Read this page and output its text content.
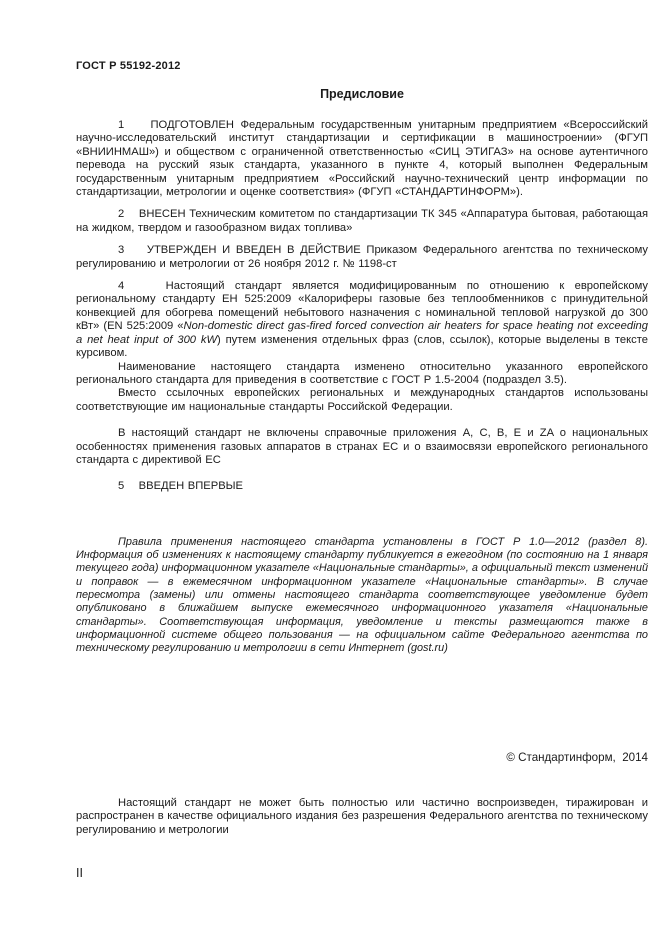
ГОСТ Р 55192-2012
Предисловие

1    ПОДГОТОВЛЕН Федеральным государственным унитарным предприятием «Всероссийский научно-исследовательский институт стандартизации и сертификации в машиностроении» (ФГУП «ВНИИНМАШ») и обществом с ограниченной ответственностью «СИЦ ЭТИГАЗ» на основе аутентичного перевода на русский язык стандарта, указанного в пункте 4, который выполнен Федеральным государственным унитарным предприятием «Российский научно-технический центр информации по стандартизации, метрологии и оценке соответствия» (ФГУП «СТАНДАРТИНФОРМ»).

2    ВНЕСЕН Техническим комитетом по стандартизации ТК 345 «Аппаратура бытовая, работающая на жидком, твердом и газообразном видах топлива»

3    УТВЕРЖДЕН И ВВЕДЕН В ДЕЙСТВИЕ Приказом Федерального агентства по техническому регулированию и метрологии от 26 ноября 2012 г. № 1198-ст

4    Настоящий стандарт является модифицированным по отношению к европейскому региональному стандарту ЕН 525:2009 «Калориферы газовые без теплообменников с принудительной конвекцией для обогрева помещений небытового назначения с номинальной тепловой нагрузкой до 300 кВт» (EN 525:2009 «Non-domestic direct gas-fired forced convection air heaters for space heating not exceeding a net heat input of 300 kW) путем изменения отдельных фраз (слов, ссылок), которые выделены в тексте курсивом.

Наименование настоящего стандарта изменено относительно указанного европейского регионального стандарта для приведения в соответствие с ГОСТ Р 1.5-2004 (подраздел 3.5).

Вместо ссылочных европейских региональных и международных стандартов использованы соответствующие им национальные стандарты Российской Федерации.

В настоящий стандарт не включены справочные приложения А, С, В, Е и ZA о национальных особенностях применения газовых аппаратов в странах ЕС и о взаимосвязи европейского регионального стандарта с директивой ЕС

5    ВВЕДЕН ВПЕРВЫЕ

Правила применения настоящего стандарта установлены в ГОСТ Р 1.0—2012 (раздел 8). Информация об изменениях к настоящему стандарту публикуется в ежегодном (по состоянию на 1 января текущего года) информационном указателе «Национальные стандарты», а официальный текст изменений и поправок — в ежемесячном информационном указателе «Национальные стандарты». В случае пересмотра (замены) или отмены настоящего стандарта соответствующее уведомление будет опубликовано в ближайшем выпуске ежемесячного информационного указателя «Национальные стандарты». Соответствующая информация, уведомление и тексты размещаются также в информационной системе общего пользования — на официальном сайте Федерального агентства по техническому регулированию и метрологии в сети Интернет (gost.ru)

© Стандартинформ,  2014

Настоящий стандарт не может быть полностью или частично воспроизведен, тиражирован и распространен в качестве официального издания без разрешения Федерального агентства по техническому регулированию и метрологии

II
